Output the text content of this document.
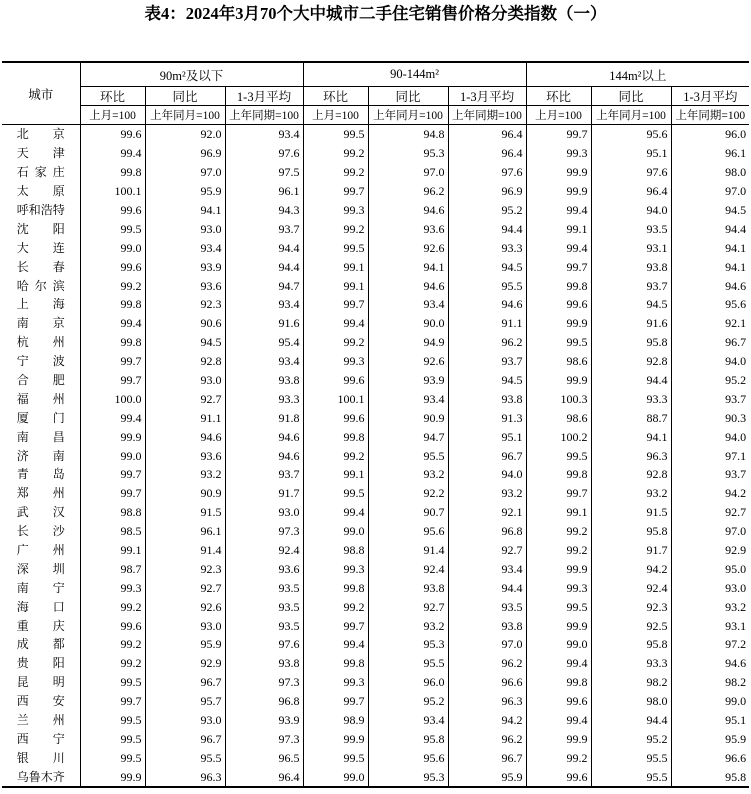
表4：2024年3月70个大中城市二手住宅销售价格分类指数（一）
城市	90m²及以下			90-144m²			144m²以上		
	环比	同比	1-3月平均	环比	同比	1-3月平均	环比	同比	1-3月平均
	上月=100	上年同月=100	上年同期=100	上月=100	上年同月=100	上年同期=100	上月=100	上年同月=100	上年同期=100
北京	99.6	92.0	93.4	99.5	94.8	96.4	99.7	95.6	96.0
天津	99.4	96.9	97.6	99.2	95.3	96.4	99.3	95.1	96.1
石家庄	99.8	97.0	97.5	99.2	97.0	97.6	99.9	97.6	98.0
太原	100.1	95.9	96.1	99.7	96.2	96.9	99.9	96.4	97.0
呼和浩特	99.6	94.1	94.3	99.3	94.6	95.2	99.4	94.0	94.5
沈阳	99.5	93.0	93.7	99.2	93.6	94.4	99.1	93.5	94.4
大连	99.0	93.4	94.4	99.5	92.6	93.3	99.4	93.1	94.1
长春	99.6	93.9	94.4	99.1	94.1	94.5	99.7	93.8	94.1
哈尔滨	99.2	93.6	94.7	99.1	94.6	95.5	99.8	93.7	94.6
上海	99.8	92.3	93.4	99.7	93.4	94.6	99.6	94.5	95.6
南京	99.4	90.6	91.6	99.4	90.0	91.1	99.9	91.6	92.1
杭州	99.8	94.5	95.4	99.2	94.9	96.2	99.5	95.8	96.7
宁波	99.7	92.8	93.4	99.3	92.6	93.7	98.6	92.8	94.0
合肥	99.7	93.0	93.8	99.6	93.9	94.5	99.9	94.4	95.2
福州	100.0	92.7	93.3	100.1	93.4	93.8	100.3	93.3	93.7
厦门	99.4	91.1	91.8	99.6	90.9	91.3	98.6	88.7	90.3
南昌	99.9	94.6	94.6	99.8	94.7	95.1	100.2	94.1	94.0
济南	99.0	93.6	94.6	99.2	95.5	96.7	99.5	96.3	97.1
青岛	99.7	93.2	93.7	99.1	93.2	94.0	99.8	92.8	93.7
郑州	99.7	90.9	91.7	99.5	92.2	93.2	99.7	93.2	94.2
武汉	98.8	91.5	93.0	99.4	90.7	92.1	99.1	91.5	92.7
长沙	98.5	96.1	97.3	99.0	95.6	96.8	99.2	95.8	97.0
广州	99.1	91.4	92.4	98.8	91.4	92.7	99.2	91.7	92.9
深圳	98.7	92.3	93.6	99.3	92.4	93.4	99.9	94.2	95.0
南宁	99.3	92.7	93.5	99.8	93.8	94.4	99.3	92.4	93.0
海口	99.2	92.6	93.5	99.2	92.7	93.5	99.5	92.3	93.2
重庆	99.6	93.0	93.5	99.7	93.2	93.8	99.9	92.5	93.1
成都	99.2	95.9	97.6	99.4	95.3	97.0	99.0	95.8	97.2
贵阳	99.2	92.9	93.8	99.8	95.5	96.2	99.4	93.3	94.6
昆明	99.5	96.7	97.3	99.3	96.0	96.6	99.8	98.2	98.2
西安	99.7	95.7	96.8	99.7	95.2	96.3	99.6	98.0	99.0
兰州	99.5	93.0	93.9	98.9	93.4	94.2	99.4	94.4	95.1
西宁	99.5	96.7	97.3	99.9	95.8	96.2	99.9	95.2	95.9
银川	99.5	95.5	96.5	99.5	95.6	96.7	99.2	95.5	96.6
乌鲁木齐	99.9	96.3	96.4	99.0	95.3	95.9	99.6	95.5	95.8
